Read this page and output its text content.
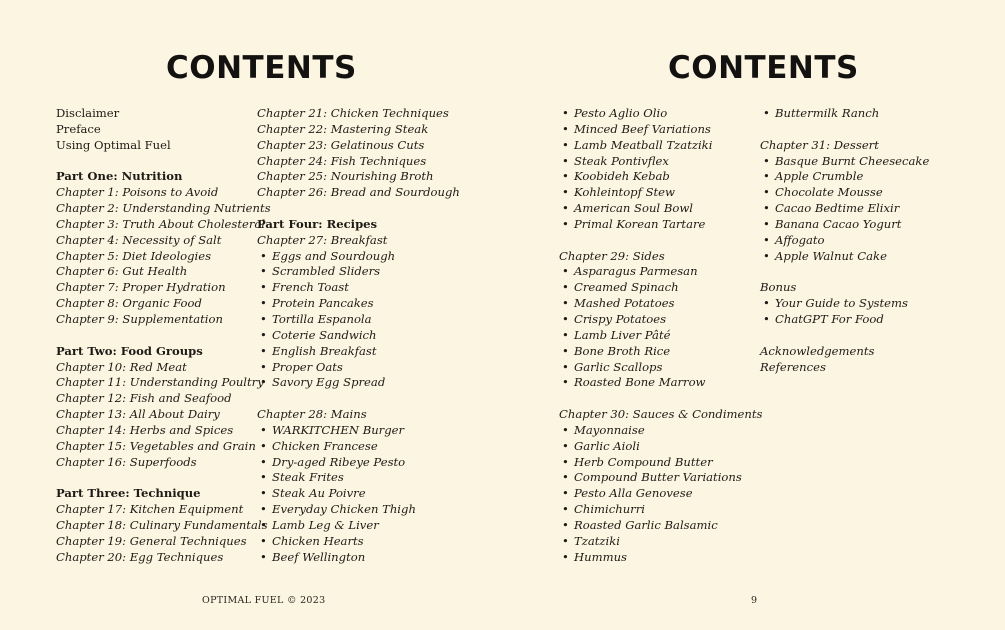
CONTENTS
Disclaimer
Preface
Using Optimal Fuel
Part One: Nutrition
Chapter 1: Poisons to Avoid
Chapter 2: Understanding Nutrients
Chapter 3: Truth About Cholesterol
Chapter 4: Necessity of Salt
Chapter 5: Diet Ideologies
Chapter 6: Gut Health
Chapter 7: Proper Hydration
Chapter 8: Organic Food
Chapter 9: Supplementation
Part Two: Food Groups
Chapter 10: Red Meat
Chapter 11: Understanding Poultry
Chapter 12: Fish and Seafood
Chapter 13: All About Dairy
Chapter 14: Herbs and Spices
Chapter 15: Vegetables and Grain
Chapter 16: Superfoods
Part Three: Technique
Chapter 17: Kitchen Equipment
Chapter 18: Culinary Fundamentals
Chapter 19: General Techniques
Chapter 20: Egg Techniques
Chapter 21: Chicken Techniques
Chapter 22: Mastering Steak
Chapter 23: Gelatinous Cuts
Chapter 24: Fish Techniques
Chapter 25: Nourishing Broth
Chapter 26: Bread and Sourdough
Part Four: Recipes
Chapter 27: Breakfast
• Eggs and Sourdough
• Scrambled Sliders
• French Toast
• Protein Pancakes
• Tortilla Espanola
• Coterie Sandwich
• English Breakfast
• Proper Oats
• Savory Egg Spread
Chapter 28: Mains
• WARKITCHEN Burger
• Chicken Francese
• Dry-aged Ribeye Pesto
• Steak Frites
• Steak Au Poivre
• Everyday Chicken Thigh
• Lamb Leg & Liver
• Chicken Hearts
• Beef Wellington
OPTIMAL FUEL © 2023
CONTENTS
• Pesto Aglio Olio
• Minced Beef Variations
• Lamb Meatball Tzatziki
• Steak Pontivflex
• Koobideh Kebab
• Kohleintopf Stew
• American Soul Bowl
• Primal Korean Tartare
Chapter 29: Sides
• Asparagus Parmesan
• Creamed Spinach
• Mashed Potatoes
• Crispy Potatoes
• Lamb Liver Pâté
• Bone Broth Rice
• Garlic Scallops
• Roasted Bone Marrow
Chapter 30: Sauces & Condiments
• Mayonnaise
• Garlic Aioli
• Herb Compound Butter
• Compound Butter Variations
• Pesto Alla Genovese
• Chimichurri
• Roasted Garlic Balsamic
• Tzatziki
• Hummus
• Buttermilk Ranch
Chapter 31: Dessert
• Basque Burnt Cheesecake
• Apple Crumble
• Chocolate Mousse
• Cacao Bedtime Elixir
• Banana Cacao Yogurt
• Affogato
• Apple Walnut Cake
Bonus
• Your Guide to Systems
• ChatGPT For Food
Acknowledgements
References
9
